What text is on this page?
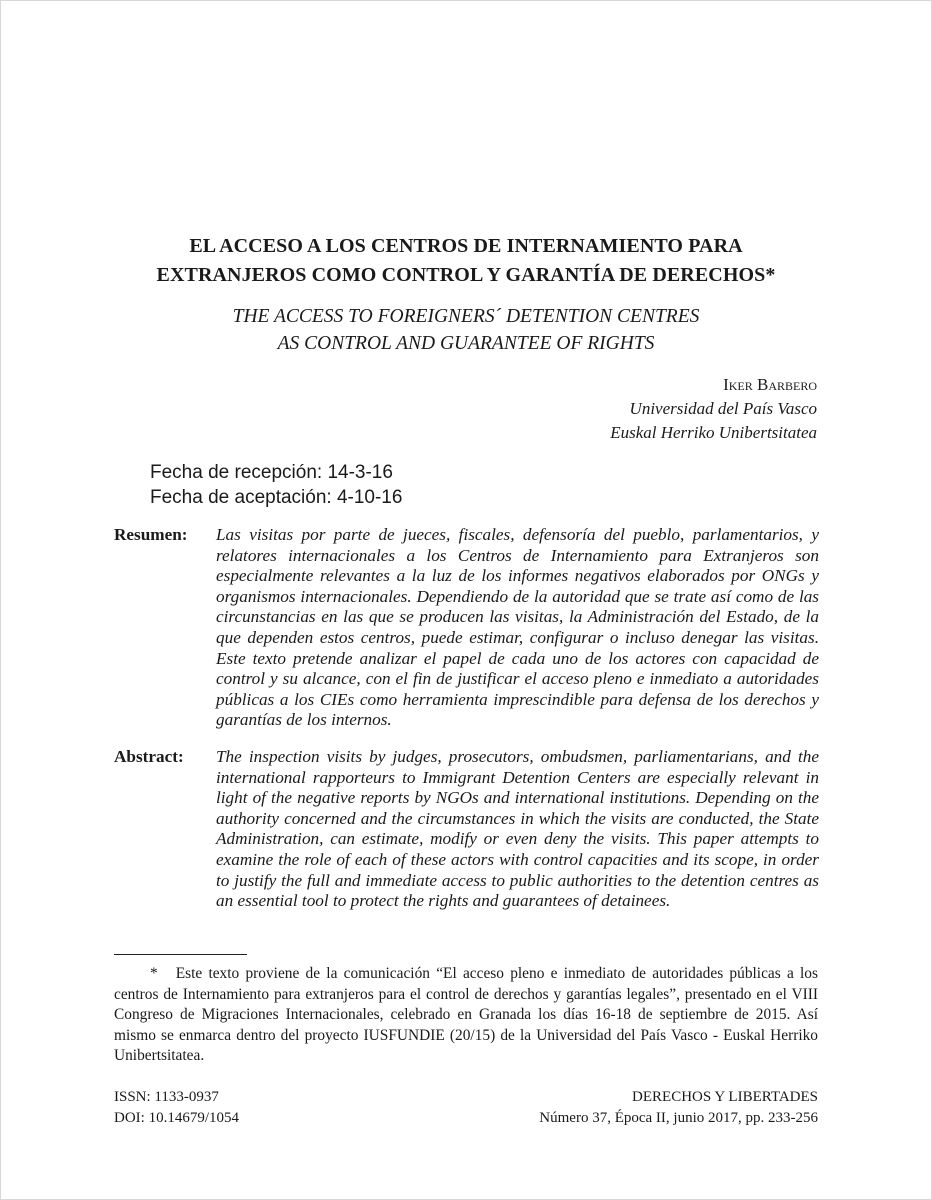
EL ACCESO A LOS CENTROS DE INTERNAMIENTO PARA
EXTRANJEROS COMO CONTROL Y GARANTÍA DE DERECHOS*
THE ACCESS TO FOREIGNERS´ DETENTION CENTRES
AS CONTROL AND GUARANTEE OF RIGHTS
Iker Barbero
Universidad del País Vasco
Euskal Herriko Unibertsitatea
Fecha de recepción: 14-3-16
Fecha de aceptación: 4-10-16
Resumen: Las visitas por parte de jueces, fiscales, defensoría del pueblo, parlamentarios, y relatores internacionales a los Centros de Internamiento para Extranjeros son especialmente relevantes a la luz de los informes negativos elaborados por ONGs y organismos internacionales. Dependiendo de la autoridad que se trate así como de las circunstancias en las que se producen las visitas, la Administración del Estado, de la que dependen estos centros, puede estimar, configurar o incluso denegar las visitas. Este texto pretende analizar el papel de cada uno de los actores con capacidad de control y su alcance, con el fin de justificar el acceso pleno e inmediato a autoridades públicas a los CIEs como herramienta imprescindible para defensa de los derechos y garantías de los internos.
Abstract: The inspection visits by judges, prosecutors, ombudsmen, parliamentarians, and the international rapporteurs to Immigrant Detention Centers are especially relevant in light of the negative reports by NGOs and international institutions. Depending on the authority concerned and the circumstances in which the visits are conducted, the State Administration, can estimate, modify or even deny the visits. This paper attempts to examine the role of each of these actors with control capacities and its scope, in order to justify the full and immediate access to public authorities to the detention centres as an essential tool to protect the rights and guarantees of detainees.
* Este texto proviene de la comunicación “El acceso pleno e inmediato de autoridades públicas a los centros de Internamiento para extranjeros para el control de derechos y garantías legales”, presentado en el VIII Congreso de Migraciones Internacionales, celebrado en Granada los días 16-18 de septiembre de 2015. Así mismo se enmarca dentro del proyecto IUSFUNDIE (20/15) de la Universidad del País Vasco - Euskal Herriko Unibertsitatea.
ISSN: 1133-0937
DOI: 10.14679/1054
DERECHOS Y LIBERTADES
Número 37, Época II, junio 2017, pp. 233-256
